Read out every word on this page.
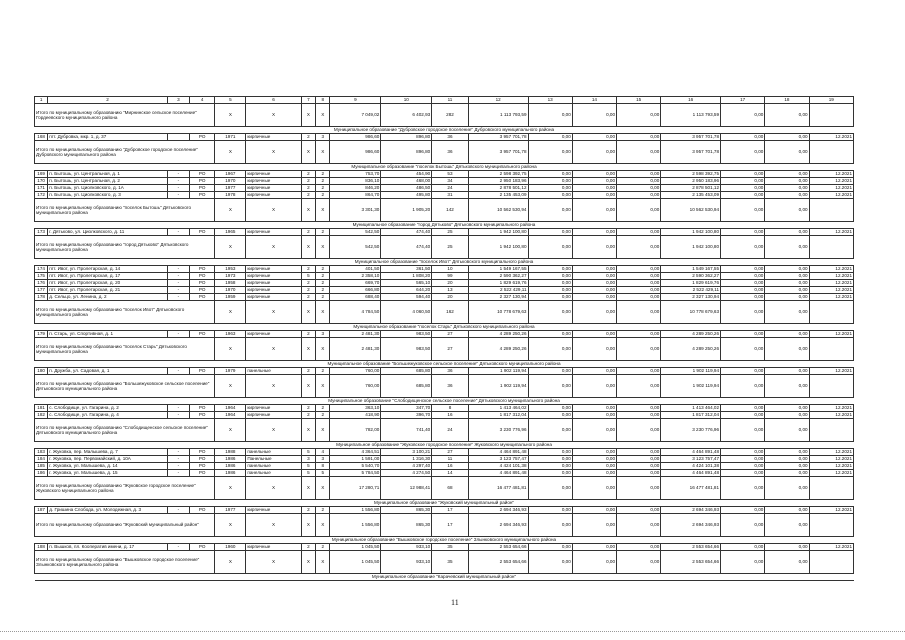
1	2	3	4	5	6	7	8	9	10	11	12	13	14	15	16	17	18	19
Итого по муниципальному образованию "Мирнинское сельское поселение" Гордеевского муниципального района				X	X	X	X	7 049,02	6 402,93	282	1 113 793,59	0,00	0,00	0,00	1 113 793,59	0,00	0,00	
Муниципальное образование "Дубровское городское поселение" Дубровского муниципального района																		
168	пгт. Дубровка, мкр. 1, д. 37		РО	1971	кирпичные	2	3	986,60	896,80	36	3 957 701,78	0,00	0,00	0,00	3 957 701,78	0,00	0,00	12.2021
Итого по муниципальному образованию "Дубровское городское поселение" Дубровского муниципального района				X	X	X	X	986,60	896,80	36	3 957 701,78	0,00	0,00	0,00	3 957 701,78	0,00	0,00	
Муниципальное образование "поселок Бытошь" Дятьковского муниципального района																		
169	п. Бытошь, ул. Центральная, д. 1	-	РО	1967	кирпичные	2	2	753,70	454,90	53	2 598 392,75	0,00	0,00	0,00	2 598 392,75	0,00	0,00	12.2021
170	п. Бытошь, ул. Центральная, д. 2	-	РО	1970	кирпичные	2	2	836,10	468,00	34	2 950 183,96	0,00	0,00	0,00	2 950 183,96	0,00	0,00	12.2021
171	п. Бытошь, ул. Циолковского, д. 1А	-	РО	1977	кирпичные	2	2	846,20	486,50	24	2 878 501,12	0,00	0,00	0,00	2 878 501,12	0,00	0,00	12.2021
172	п. Бытошь, ул. Циолковского, д. 3	-	РО	1978	кирпичные	2	2	864,70	495,80	31	2 135 453,09	0,00	0,00	0,00	2 135 453,09	0,00	0,00	12.2021
Итого по муниципальному образованию "поселок Бытошь" Дятьковского муниципального района				X	X	X	X	3 301,30	1 905,20	142	10 562 530,94	0,00	0,00	0,00	10 562 530,94	0,00	0,00	
Муниципальное образование "город Дятьково" Дятьковского муниципального района																		
173	г. Дятьково, ул. Циолковского, д. 11	-	РО	1965	кирпичные	2	2	542,50	474,40	25	1 942 100,80	0,00	0,00	0,00	1 942 100,80	0,00	0,00	12.2021
Итого по муниципальному образованию "город Дятьково" Дятьковского муниципального района				X	X	X	X	542,50	474,40	25	1 942 100,80	0,00	0,00	0,00	1 942 100,80	0,00	0,00	
Муниципальное образование "поселок Ивот" Дятьковского муниципального района																		
174	пгт. Ивот, ул. Пролетарская, д. 14	-	РО	1953	кирпичные	2	2	401,50	361,50	10	1 549 167,55	0,00	0,00	0,00	1 549 167,55	0,00	0,00	12.2021
175	пгт. Ивот, ул. Пролетарская, д. 17	-	РО	1973	кирпичные	5	2	2 358,10	1 808,20	99	2 590 362,27	0,00	0,00	0,00	2 590 362,27	0,00	0,00	12.2021
176	пгт. Ивот, ул. Пролетарская, д. 20	-	РО	1958	кирпичные	2	2	669,70	565,10	20	1 829 619,76	0,00	0,00	0,00	1 829 619,76	0,00	0,00	12.2021
177	пгт. Ивот, ул. Пролетарская, д. 21	-	РО	1970	кирпичные	2	2	666,80	644,20	13	2 522 429,11	0,00	0,00	0,00	2 522 429,11	0,00	0,00	12.2021
178	д. Сельцо, ул. Ленина, д. 2	-	РО	1959	кирпичные	2	2	688,40	594,40	20	2 327 130,94	0,00	0,00	0,00	2 327 130,94	0,00	0,00	12.2021
Итого по муниципальному образованию "поселок Ивот" Дятьковского муниципального района				X	X	X	X	4 784,50	4 060,50	162	10 778 679,63	0,00	0,00	0,00	10 778 679,63	0,00	0,00	
Муниципальное образование "поселок Старь" Дятьковского муниципального района																		
179	п. Старь, ул. Спортивная, д. 1	-	РО	1963	кирпичные	2	3	2 481,30	983,50	27	4 289 250,26	0,00	0,00	0,00	4 289 250,26	0,00	0,00	12.2021
Итого по муниципальному образованию "поселок Старь" Дятьковского муниципального района				X	X	X	X	2 481,30	983,50	27	4 289 250,26	0,00	0,00	0,00	4 289 250,26	0,00	0,00	
Муниципальное образование "Большежуковское сельское поселение" Дятьковского муниципального района																		
180	п. Дружба, ул. Садовая, д. 1	-	РО	1979	панельные	2	2	760,00	685,80	36	1 902 119,94	0,00	0,00	0,00	1 902 119,94	0,00	0,00	12.2021
Итого по муниципальному образованию "Большежуковское сельское поселение" Дятьковского муниципального района				X	X	X	X	760,00	685,80	36	1 902 119,94	0,00	0,00	0,00	1 902 119,94	0,00	0,00	
Муниципальное образование "Слободищенское сельское поселение" Дятьковского муниципального района																		
181	с. Слободище, ул. Гагарина, д. 2	-	РО	1964	кирпичные	2	2	363,10	347,70	8	1 413 464,02	0,00	0,00	0,00	1 413 464,02	0,00	0,00	12.2021
182	с. Слободище, ул. Гагарина, д. 4	-	РО	1964	кирпичные	2	2	418,90	396,70	16	1 817 312,04	0,00	0,00	0,00	1 817 312,04	0,00	0,00	12.2021
Итого по муниципальному образованию "Слободищенское сельское поселение" Дятьковского муниципального района				X	X	X	X	782,00	741,40	24	3 230 776,96	0,00	0,00	0,00	3 230 776,96	0,00	0,00	
Муниципальное образование "Жуковское городское поселение" Жуковского муниципального района																		
183	г. Жуковка, пер. Малышева, д. 7	-	РО	1988	панельные	5	4	4 364,51	3 100,21	27	4 464 891,48	0,00	0,00	0,00	4 464 891,48	0,00	0,00	12.2021
184	г. Жуковка, пер. Первомайский, д. 10А	-	РО	1986	Панельные	3	3	1 591,00	1 316,30	11	3 123 757,47	0,00	0,00	0,00	3 123 757,47	0,00	0,00	12.2021
185	г. Жуковка, ул. Малышева, д. 14	-	РО	1986	панельные	5	8	5 540,70	4 297,40	16	4 424 101,38	0,00	0,00	0,00	4 424 101,38	0,00	0,00	12.2021
186	г. Жуковка, ул. Малышева, д. 15	-	РО	1986	панельные	5	5	5 784,50	4 274,50	14	4 464 891,48	0,00	0,00	0,00	4 464 891,48	0,00	0,00	12.2021
Итого по муниципальному образованию "Жуковское городское поселение" Жуковского муниципального района				X	X	X	X	17 280,71	12 988,41	68	16 477 481,81	0,00	0,00	0,00	16 477 481,81	0,00	0,00	
Муниципальное образование "Жуковский муниципальный район"																		
187	д. Гришина Слобода, ул. Молодежная, д. 3	-	РО	1977	кирпичные	2	2	1 556,80	865,30	17	2 694 346,93	0,00	0,00	0,00	2 694 346,93	0,00	0,00	12.2021
Итого по муниципальному образованию "Жуковский муниципальный район"				X	X	X	X	1 556,80	865,30	17	2 694 346,93	0,00	0,00	0,00	2 694 346,93	0,00	0,00	
Муниципальное образование "Вышковское городское поселение" Злынковского муниципального района																		
188	п. Вышков, пл. Кооператив имени, д. 17	-	РО	1960	кирпичные	2	2	1 045,50	933,10	35	2 553 654,66	0,00	0,00	0,00	2 553 654,66	0,00	0,00	12.2021
Итого по муниципальному образованию "Вышковское городское поселение" Злынковского муниципального района				X	X	X	X	1 045,50	933,10	35	2 553 654,66	0,00	0,00	0,00	2 553 654,66	0,00	0,00	
Муниципальное образование "Карачевский муниципальный район"																		
11
